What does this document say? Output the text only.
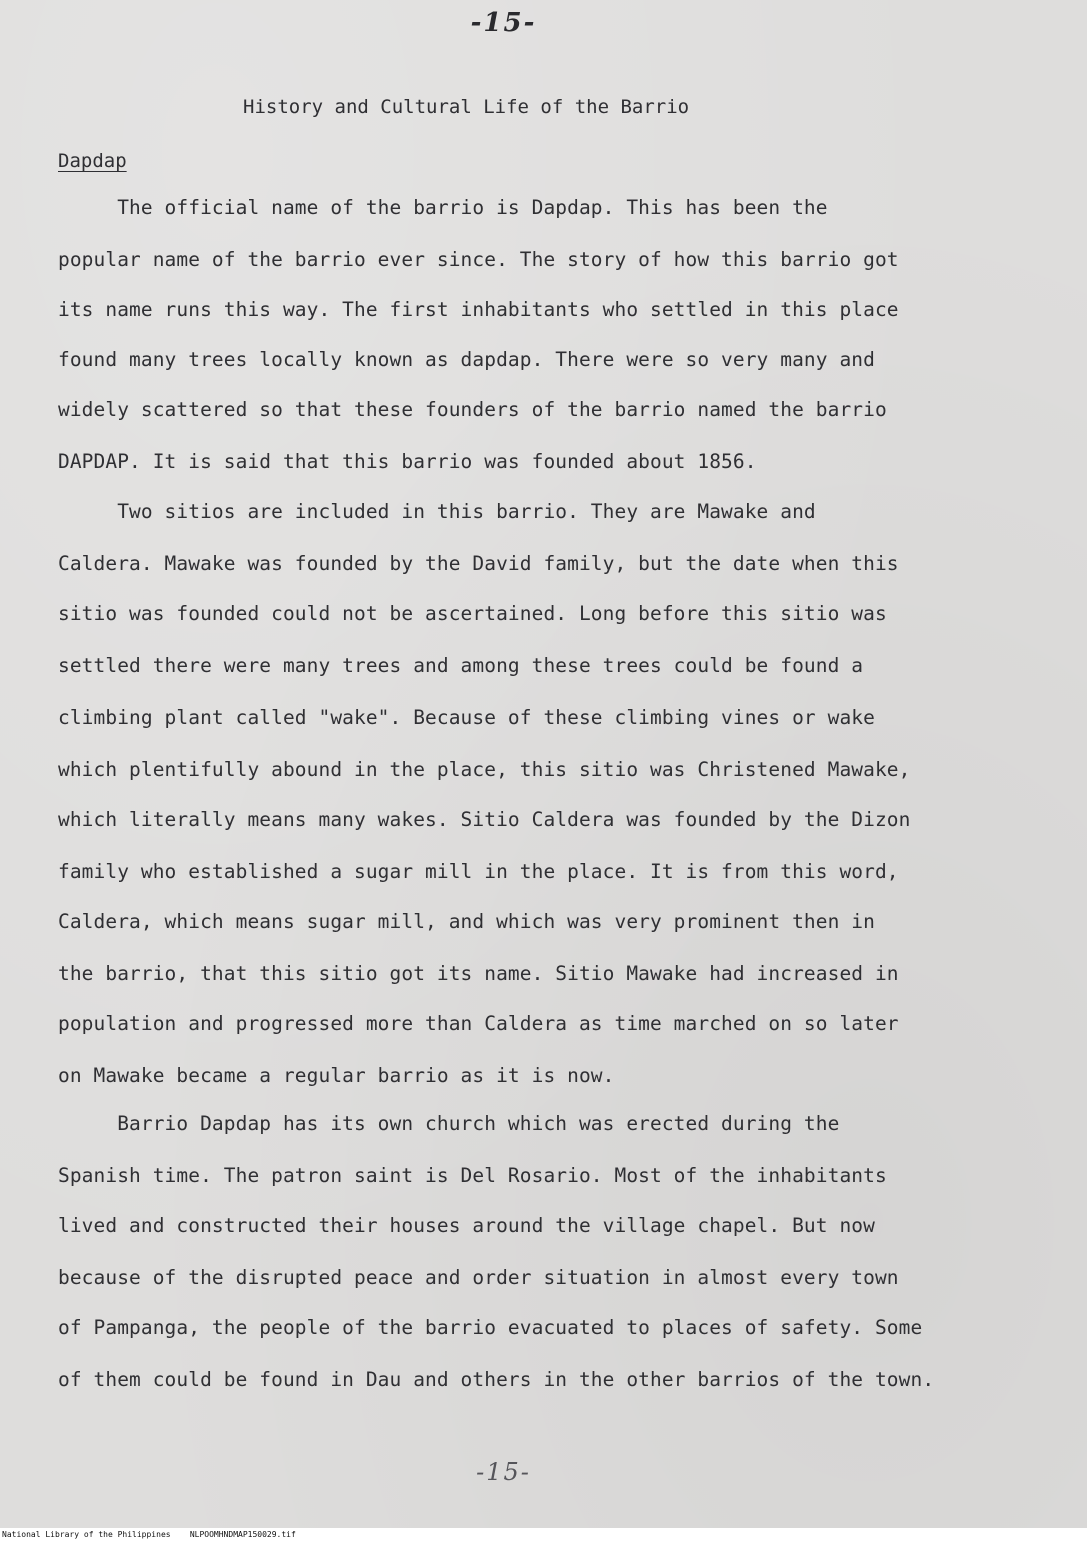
-15-
History and Cultural Life of the Barrio
Dapdap
The official name of the barrio is Dapdap. This has been the
popular name of the barrio ever since. The story of how this barrio got
its name runs this way. The first inhabitants who settled in this place
found many trees locally known as dapdap. There were so very many and
widely scattered so that these founders of the barrio named the barrio
DAPDAP. It is said that this barrio was founded about 1856.
Two sitios are included in this barrio. They are Mawake and
Caldera. Mawake was founded by the David family, but the date when this
sitio was founded could not be ascertained. Long before this sitio was
settled there were many trees and among these trees could be found a
climbing plant called "wake". Because of these climbing vines or wake
which plentifully abound in the place, this sitio was Christened Mawake,
which literally means many wakes. Sitio Caldera was founded by the Dizon
family who established a sugar mill in the place. It is from this word,
Caldera, which means sugar mill, and which was very prominent then in
the barrio, that this sitio got its name. Sitio Mawake had increased in
population and progressed more than Caldera as time marched on so later
on Mawake became a regular barrio as it is now.
Barrio Dapdap has its own church which was erected during the
Spanish time. The patron saint is Del Rosario. Most of the inhabitants
lived and constructed their houses around the village chapel. But now
because of the disrupted peace and order situation in almost every town
of Pampanga, the people of the barrio evacuated to places of safety. Some
of them could be found in Dau and others in the other barrios of the town.
-15-
National Library of the Philippines    NLPOOMHNDMAP150029.tif
